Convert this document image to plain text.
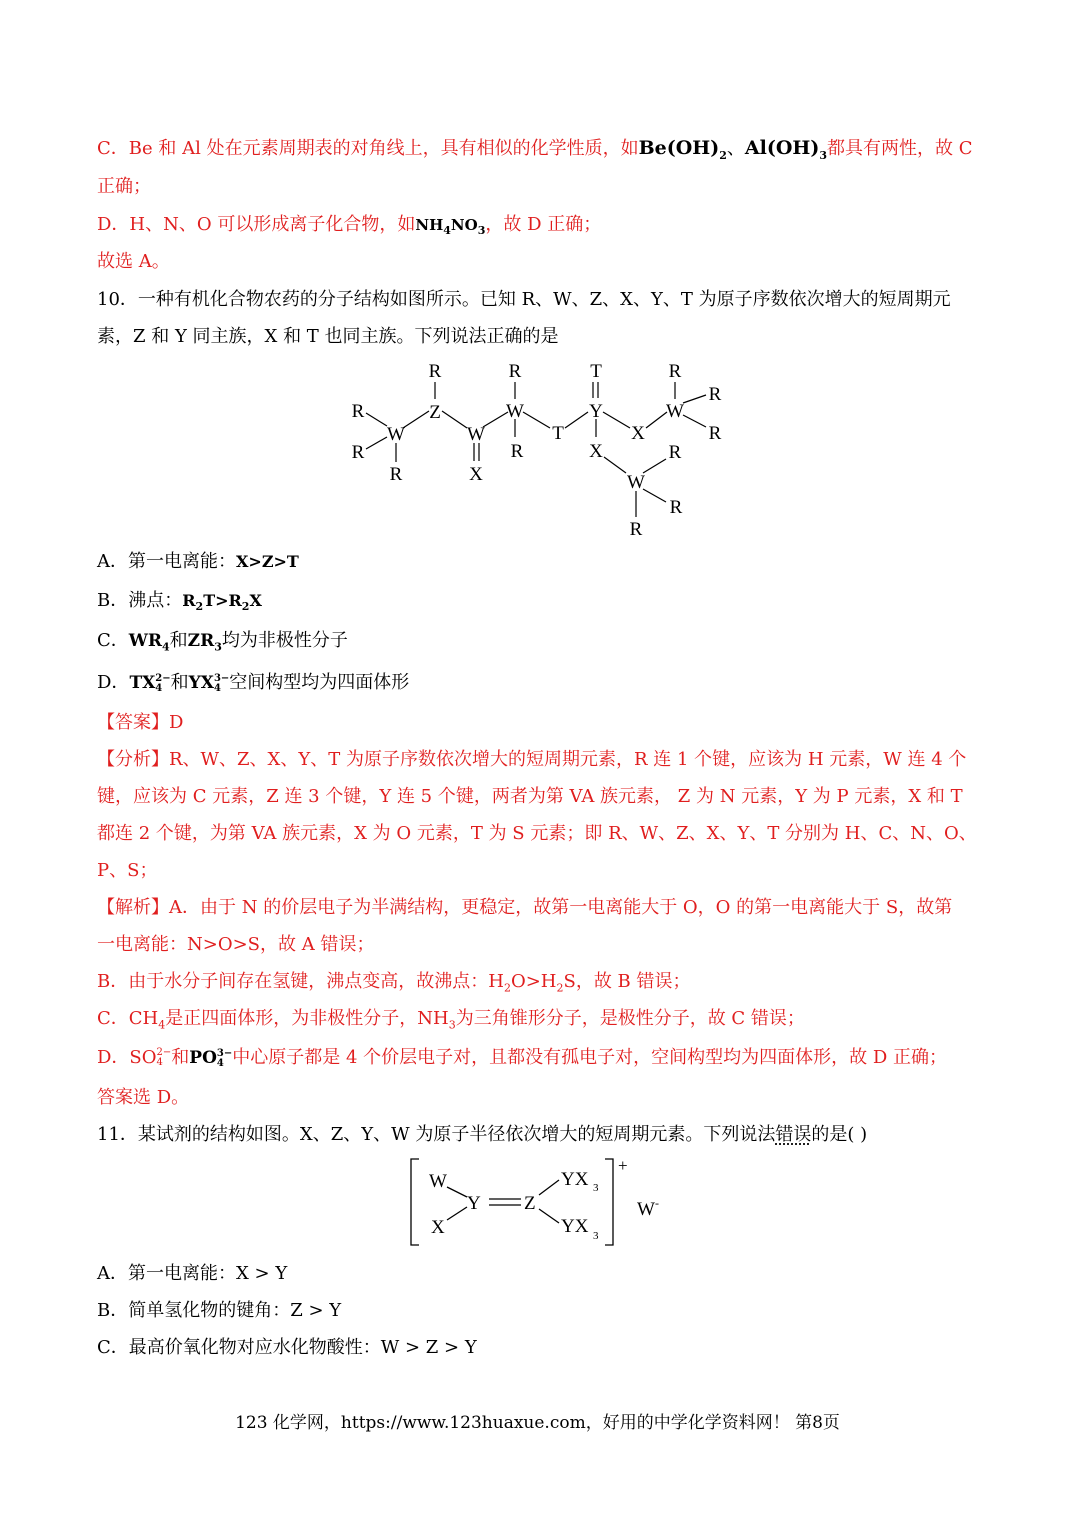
C．Be 和 Al 处在元素周期表的对角线上，具有相似的化学性质，如$Be(OH)_2$、$Al(OH)_3$都具有两性，故 C
正确；
D．H、N、O 可以形成离子化合物，如$NH_4NO_3$，故 D 正确；
故选 A。
10．一种有机化合物农药的分子结构如图所示。已知 R、W、Z、X、Y、T 为原子序数依次增大的短周期元
素，Z 和 Y 同主族，X 和 T 也同主族。下列说法正确的是
R
R
W
R
R
Z
W
X
R
W
R
T
T
Y
X
X
R
W
R
R
R
W
R
R
A．第一电离能：X>Z>T
B．沸点：$R_2T>R_2X$
C．$WR_4$和$ZR_3$均为非极性分子
D．TX 2−
4 和YX 3−
4 空间构型均为四面体形
【答案】D
【分析】R、W、Z、X、Y、T 为原子序数依次增大的短周期元素，R 连 1 个键，应该为 H 元素，W 连 4 个
键，应该为 C 元素，Z 连 3 个键，Y 连 5 个键，两者为第 VA 族元素， Z 为 N 元素，Y 为 P 元素，X 和 T
都连 2 个键，为第 VA 族元素，X 为 O 元素，T 为 S 元素；即 R、W、Z、X、Y、T 分别为 H、C、N、O、
P、S；
【解析】A．由于 N 的价层电子为半满结构，更稳定，故第一电离能大于 O，O 的第一电离能大于 S，故第
一电离能：N>O>S，故 A 错误；
B．由于水分子间存在氢键，沸点变高，故沸点：$H_2O>H_2S$，故 B 错误；
C．$CH_4$是正四面体形，为非极性分子，$NH_3$为三角锥形分子，是极性分子，故 C 错误；
D．SO 2−
4 和PO 3−
4 中心原子都是 4 个价层电子对，且都没有孤电子对，空间构型均为四面体形，故 D 正确；
答案选 D。
11．某试剂的结构如图。X、Z、Y、W 为原子半径依次增大的短周期元素。下列说法错误的是( )
W
X
Y Z
YX 3
YX 3
+
W -
A．第一电离能：X > Y
B．简单氢化物的键角：Z > Y
C．最高价氧化物对应水化物酸性：W > Z > Y
123 化学网，https://www.123huaxue.com，好用的中学化学资料网！ 第8页
